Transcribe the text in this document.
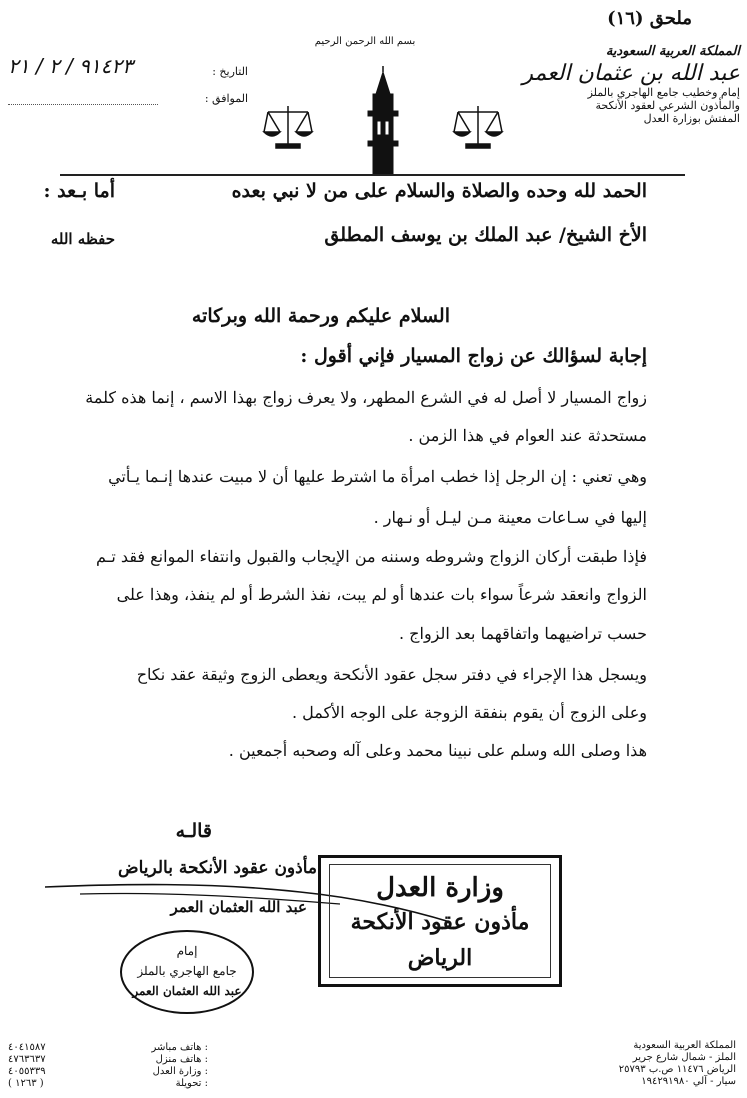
ملحق (١٦)
بسم الله الرحمن الرحيم
٩١٤٢٣ / ٢ / ٢١	التاريخ :
الموافق :
المملكة العربية السعودية
عبد الله بن عثمان العمر
إمام وخطيب جامع الهاجري بالملز
والمأذون الشرعي لعقود الأنكحة
المفتش بوزارة العدل
الحمد لله وحده والصلاة والسلام على من لا نبي بعده
أما بـعد :
الأخ الشيخ/ عبد الملك بن يوسف المطلق
حفظه الله
السلام عليكم ورحمة الله وبركاته
إجابة لسؤالك عن زواج المسيار فإني أقول :
زواج المسيار لا أصل له في الشرع المطهر، ولا يعرف زواج بهذا الاسم ، إنما هذه كلمة
مستحدثة عند العوام في هذا الزمن .
وهي تعني : إن الرجل إذا خطب امرأة ما اشترط عليها أن لا مبيت عندها إنـما يـأتي
إليها في سـاعات معينة مـن ليـل أو نـهار .
فإذا طبقت أركان الزواج وشروطه وسننه من الإيجاب والقبول وانتفاء الموانع فقد تـم
الزواج وانعقد شرعاً سواء بات عندها أو لم يبت، نفذ الشرط أو لم ينفذ، وهذا على
حسب تراضيهما واتفاقهما بعد الزواج .
ويسجل هذا الإجراء في دفتر سجل عقود الأنكحة ويعطى الزوج وثيقة عقد نكاح
وعلى الزوج أن يقوم بنفقة الزوجة على الوجه الأكمل .
هذا وصلى الله وسلم على نبينا محمد وعلى آله وصحبه أجمعين .
قالـه
مأذون عقود الأنكحة بالرياض
عبد الله العثمان العمر
وزارة العدل
مأذون عقود الأنكحة
الرياض
إمام
جامع الهاجري بالملز
عبد الله العثمان العمر
٤٠٤١٥٨٧	هاتف مباشر :
٤٧٦٣٦٣٧	هاتف منزل :
٤٠٥٥٣٣٩	وزارة العدل :
( ١٢٦٣ )	تحويلة :
المملكة العربية السعودية
الملز - شمال شارع جرير
الرياض ١١٤٧٦ ص.ب ٢٥٧٩٣
سيار - آلي ١٩٤٢٩١٩٨٠
